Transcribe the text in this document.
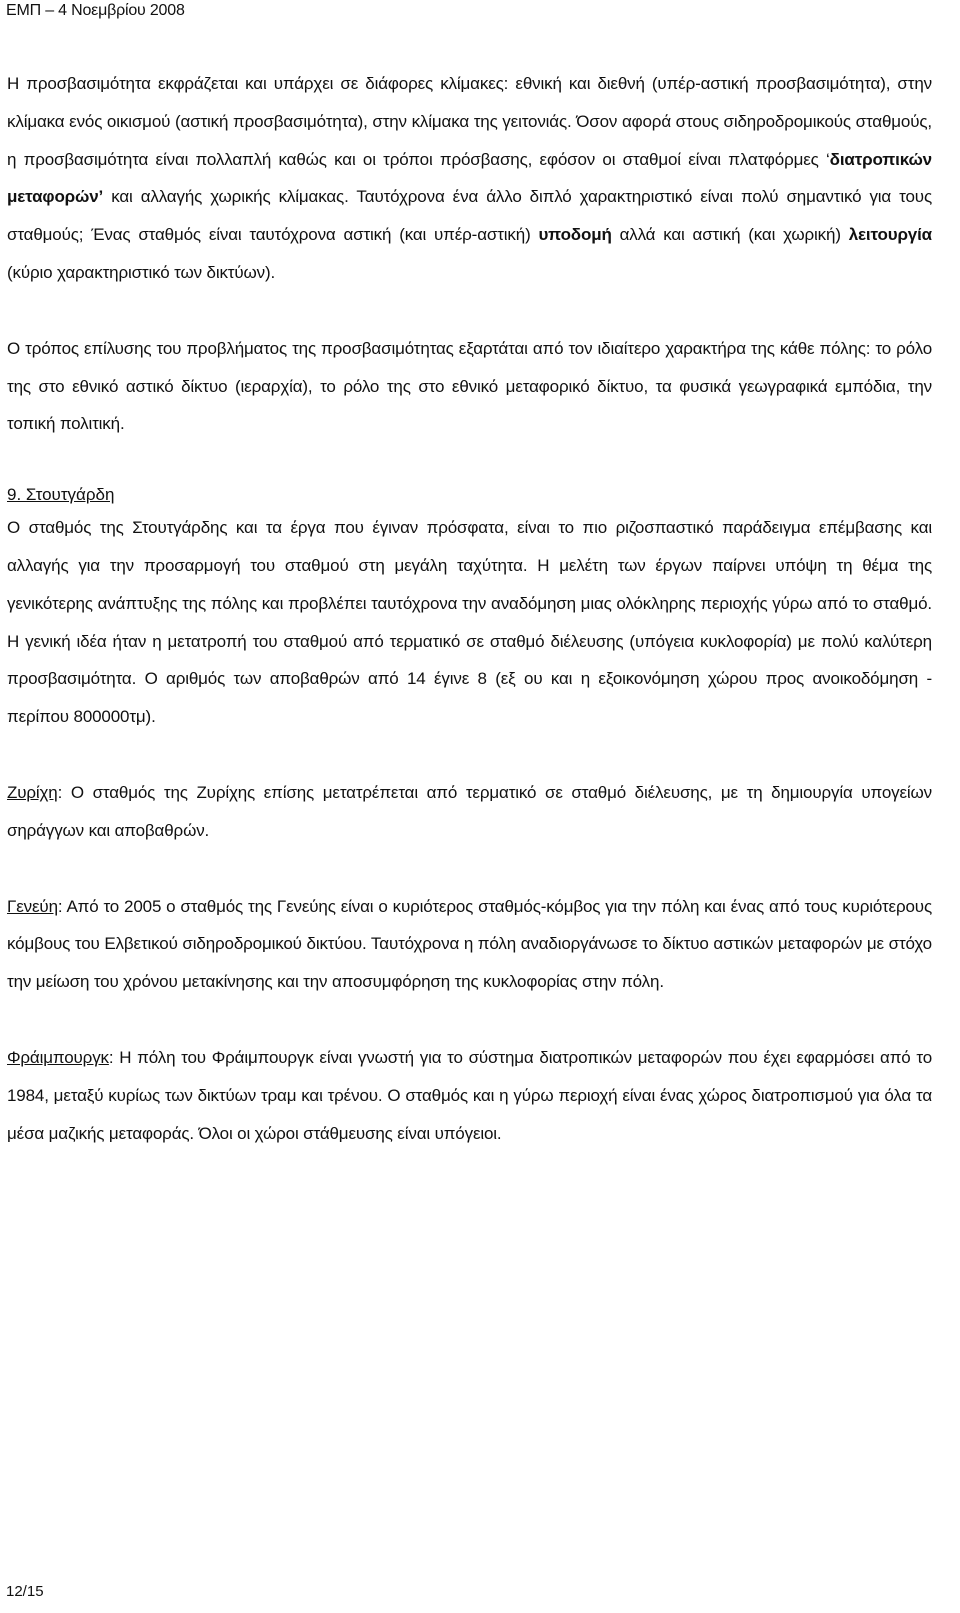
ΕΜΠ – 4 Νοεμβρίου 2008

Η προσβασιμότητα εκφράζεται και υπάρχει σε διάφορες κλίμακες: εθνική και διεθνή (υπέρ-αστική προσβασιμότητα), στην κλίμακα ενός οικισμού (αστική προσβασιμότητα), στην κλίμακα της γειτονιάς. Όσον αφορά στους σιδηροδρομικούς σταθμούς, η προσβασιμότητα είναι πολλαπλή καθώς και οι τρόποι πρόσβασης, εφόσον οι σταθμοί είναι πλατφόρμες ‘διατροπικών μεταφορών’ και αλλαγής χωρικής κλίμακας. Ταυτόχρονα ένα άλλο διπλό χαρακτηριστικό είναι πολύ σημαντικό για τους σταθμούς; Ένας σταθμός είναι ταυτόχρονα αστική (και υπέρ-αστική) υποδομή αλλά και αστική (και χωρική) λειτουργία (κύριο χαρακτηριστικό των δικτύων).

Ο τρόπος επίλυσης του προβλήματος της προσβασιμότητας εξαρτάται από τον ιδιαίτερο χαρακτήρα της κάθε πόλης: το ρόλο της στο εθνικό αστικό δίκτυο (ιεραρχία), το ρόλο της στο εθνικό μεταφορικό δίκτυο, τα φυσικά γεωγραφικά εμπόδια, την τοπική πολιτική.

9. Στουτγάρδη

Ο σταθμός της Στουτγάρδης και τα έργα που έγιναν πρόσφατα, είναι το πιο ριζοσπαστικό παράδειγμα επέμβασης και αλλαγής για την προσαρμογή του σταθμού στη μεγάλη ταχύτητα. Η μελέτη των έργων παίρνει υπόψη τη θέμα της γενικότερης ανάπτυξης της πόλης και προβλέπει ταυτόχρονα την αναδόμηση μιας ολόκληρης περιοχής γύρω από το σταθμό. Η γενική ιδέα ήταν η μετατροπή του σταθμού από τερματικό σε σταθμό διέλευσης (υπόγεια κυκλοφορία) με πολύ καλύτερη προσβασιμότητα. Ο αριθμός των αποβαθρών από 14 έγινε 8 (εξ ου και η εξοικονόμηση χώρου προς ανοικοδόμηση - περίπου 800000τμ).

Ζυρίχη: Ο σταθμός της Ζυρίχης επίσης μετατρέπεται από τερματικό σε σταθμό διέλευσης, με τη δημιουργία υπογείων σηράγγων και αποβαθρών.

Γενεύη: Από το 2005 ο σταθμός της Γενεύης είναι ο κυριότερος σταθμός-κόμβος για την πόλη και ένας από τους κυριότερους κόμβους του Ελβετικού σιδηροδρομικού δικτύου. Ταυτόχρονα η πόλη αναδιοργάνωσε το δίκτυο αστικών μεταφορών με στόχο την μείωση του χρόνου μετακίνησης και την αποσυμφόρηση της κυκλοφορίας στην πόλη.

Φράιμπουργκ: Η πόλη του Φράιμπουργκ είναι γνωστή για το σύστημα διατροπικών μεταφορών που έχει εφαρμόσει από το 1984, μεταξύ κυρίως των δικτύων τραμ και τρένου. Ο σταθμός και η γύρω περιοχή είναι ένας χώρος διατροπισμού για όλα τα μέσα μαζικής μεταφοράς. Όλοι οι χώροι στάθμευσης είναι υπόγειοι.

12/15
